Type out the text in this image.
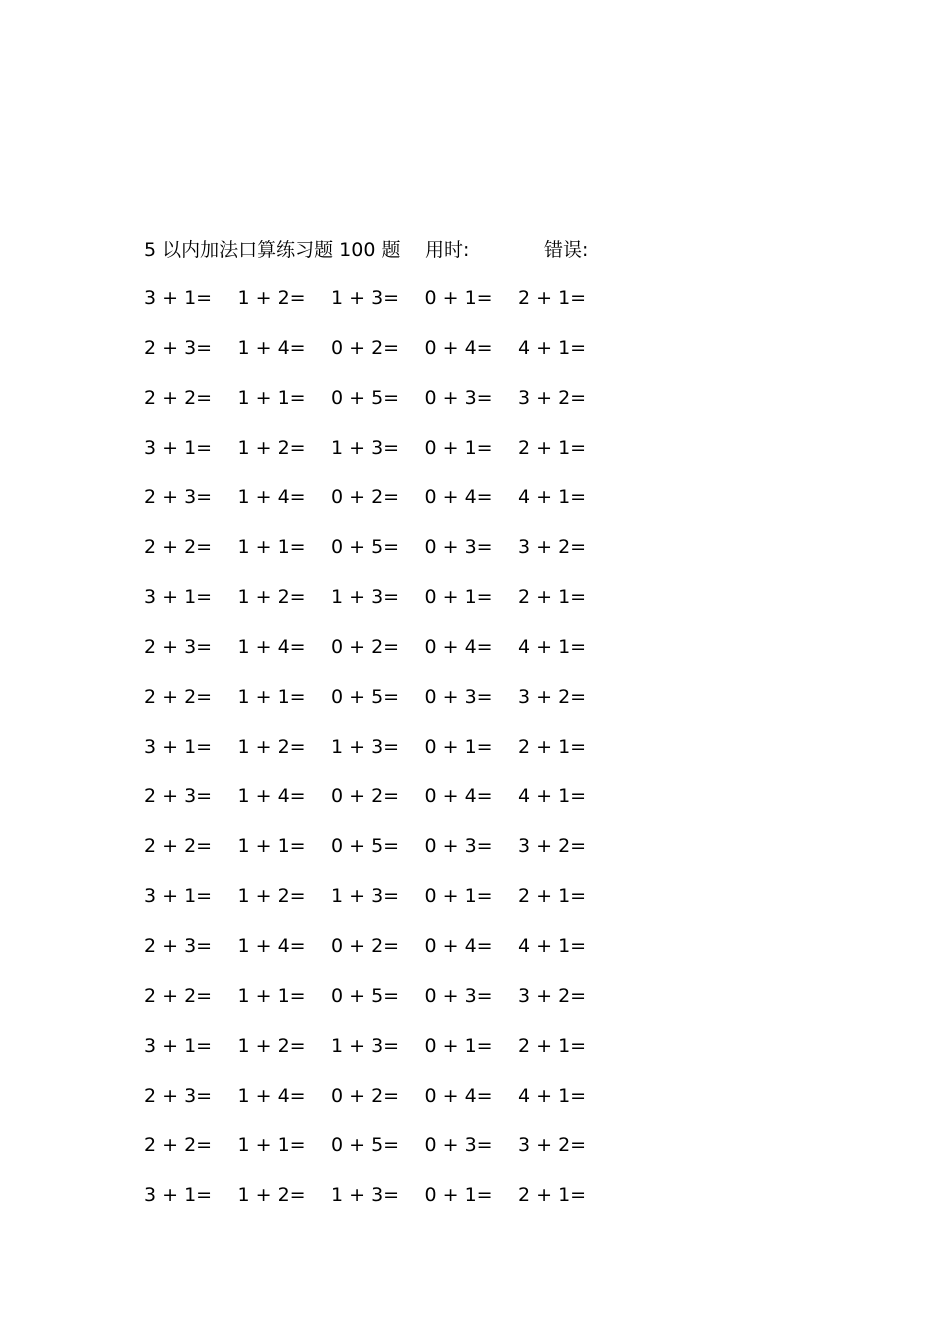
5 以内加法口算练习题 100 题 用时:	错误:
3 + 1= 1 + 2= 1 + 3= 0 + 1= 2 + 1=
2 + 3= 1 + 4= 0 + 2= 0 + 4= 4 + 1=
2 + 2= 1 + 1= 0 + 5= 0 + 3= 3 + 2=
3 + 1= 1 + 2= 1 + 3= 0 + 1= 2 + 1=
2 + 3= 1 + 4= 0 + 2= 0 + 4= 4 + 1=
2 + 2= 1 + 1= 0 + 5= 0 + 3= 3 + 2=
3 + 1= 1 + 2= 1 + 3= 0 + 1= 2 + 1=
2 + 3= 1 + 4= 0 + 2= 0 + 4= 4 + 1=
2 + 2= 1 + 1= 0 + 5= 0 + 3= 3 + 2=
3 + 1= 1 + 2= 1 + 3= 0 + 1= 2 + 1=
2 + 3= 1 + 4= 0 + 2= 0 + 4= 4 + 1=
2 + 2= 1 + 1= 0 + 5= 0 + 3= 3 + 2=
3 + 1= 1 + 2= 1 + 3= 0 + 1= 2 + 1=
2 + 3= 1 + 4= 0 + 2= 0 + 4= 4 + 1=
2 + 2= 1 + 1= 0 + 5= 0 + 3= 3 + 2=
3 + 1= 1 + 2= 1 + 3= 0 + 1= 2 + 1=
2 + 3= 1 + 4= 0 + 2= 0 + 4= 4 + 1=
2 + 2= 1 + 1= 0 + 5= 0 + 3= 3 + 2=
3 + 1= 1 + 2= 1 + 3= 0 + 1= 2 + 1=
